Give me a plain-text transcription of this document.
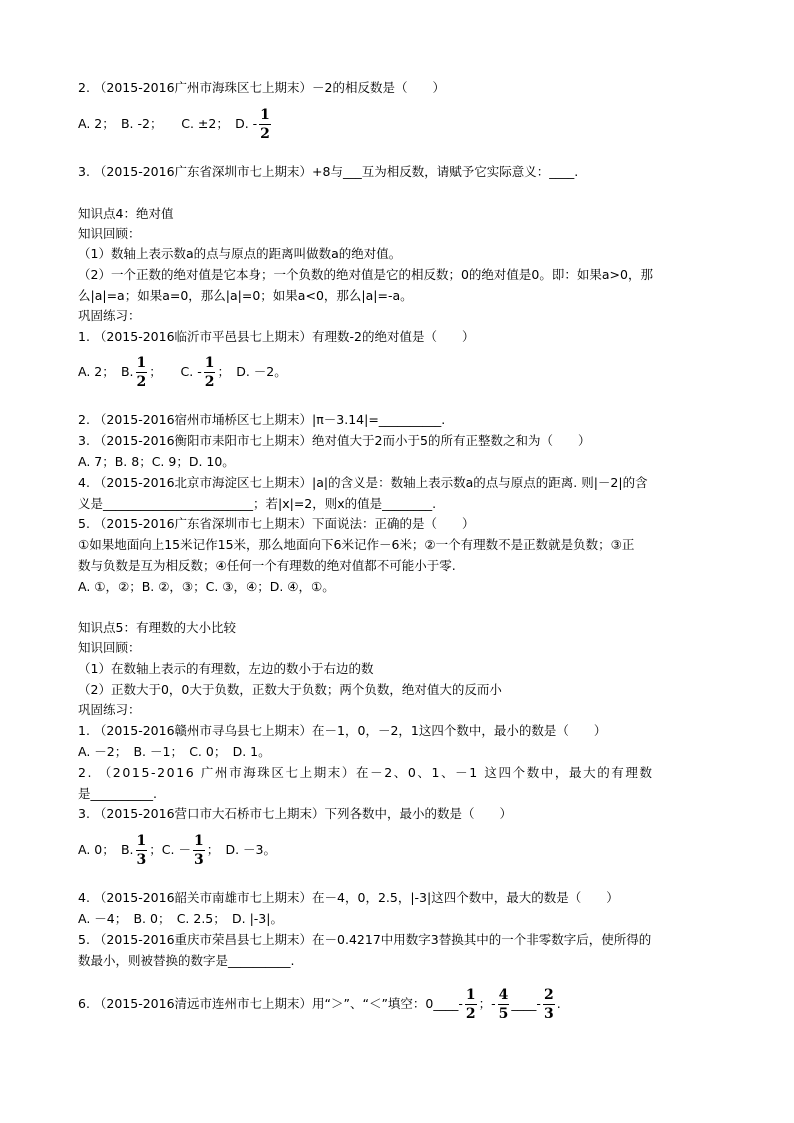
2. （2015-2016广州市海珠区七上期末）－2的相反数是（　　）
A. 2；　B. -2；　　C. ±2；　D. - $\frac{1}{2}$
3. （2015-2016广东省深圳市七上期末）+8与___互为相反数，请赋予它实际意义：____.
知识点4：绝对值
知识回顾：
（1）数轴上表示数a的点与原点的距离叫做数a的绝对值。
（2）一个正数的绝对值是它本身；一个负数的绝对值是它的相反数；0的绝对值是0。即：如果a>0，那
么|a|=a；如果a=0，那么|a|=0；如果a<0，那么|a|=-a。
巩固练习：
1. （2015-2016临沂市平邑县七上期末）有理数-2的绝对值是（　　）
A. 2；　B. $\frac{1}{2}$ ；　　C. - $\frac{1}{2}$ ；　D. －2。
2. （2015-2016宿州市埇桥区七上期末）|π－3.14|=__________.
3. （2015-2016衡阳市耒阳市七上期末）绝对值大于2而小于5的所有正整数之和为（　　）
A. 7；B. 8；C. 9；D. 10。
4. （2015-2016北京市海淀区七上期末）|a|的含义是：数轴上表示数a的点与原点的距离. 则|－2|的含
义是________________________；若|x|=2，则x的值是________.
5. （2015-2016广东省深圳市七上期末）下面说法：正确的是（　　）
①如果地面向上15米记作15米，那么地面向下6米记作－6米；②一个有理数不是正数就是负数；③正
数与负数是互为相反数；④任何一个有理数的绝对值都不可能小于零.
A. ①，②；B. ②，③；C. ③，④；D. ④，①。
知识点5：有理数的大小比较
知识回顾：
（1）在数轴上表示的有理数，左边的数小于右边的数
（2）正数大于0，0大于负数，正数大于负数；两个负数，绝对值大的反而小
巩固练习：
1. （2015-2016赣州市寻乌县七上期末）在－1，0，－2，1这四个数中，最小的数是（　　）
A. －2；　B. －1；　C. 0；　D. 1。
2. （2015-2016 广州市海珠区七上期末）在－2、0、1、－1 这四个数中，最大的有理数
是__________.
3. （2015-2016营口市大石桥市七上期末）下列各数中，最小的数是（　　）
A. 0；　B. $\frac{1}{3}$ ；C. － $\frac{1}{3}$ ；　D. －3。
4. （2015-2016韶关市南雄市七上期末）在－4，0，2.5，|-3|这四个数中，最大的数是（　　）
A. －4；　B. 0；　C. 2.5；　D. |-3|。
5. （2015-2016重庆市荣昌县七上期末）在－0.4217中用数字3替换其中的一个非零数字后，使所得的
数最小，则被替换的数字是__________.
6. （2015-2016清远市连州市七上期末）用“＞”、“＜”填空：0____- $\frac{1}{2}$ ；- $\frac{4}{5}$ ____- $\frac{2}{3}$ .
